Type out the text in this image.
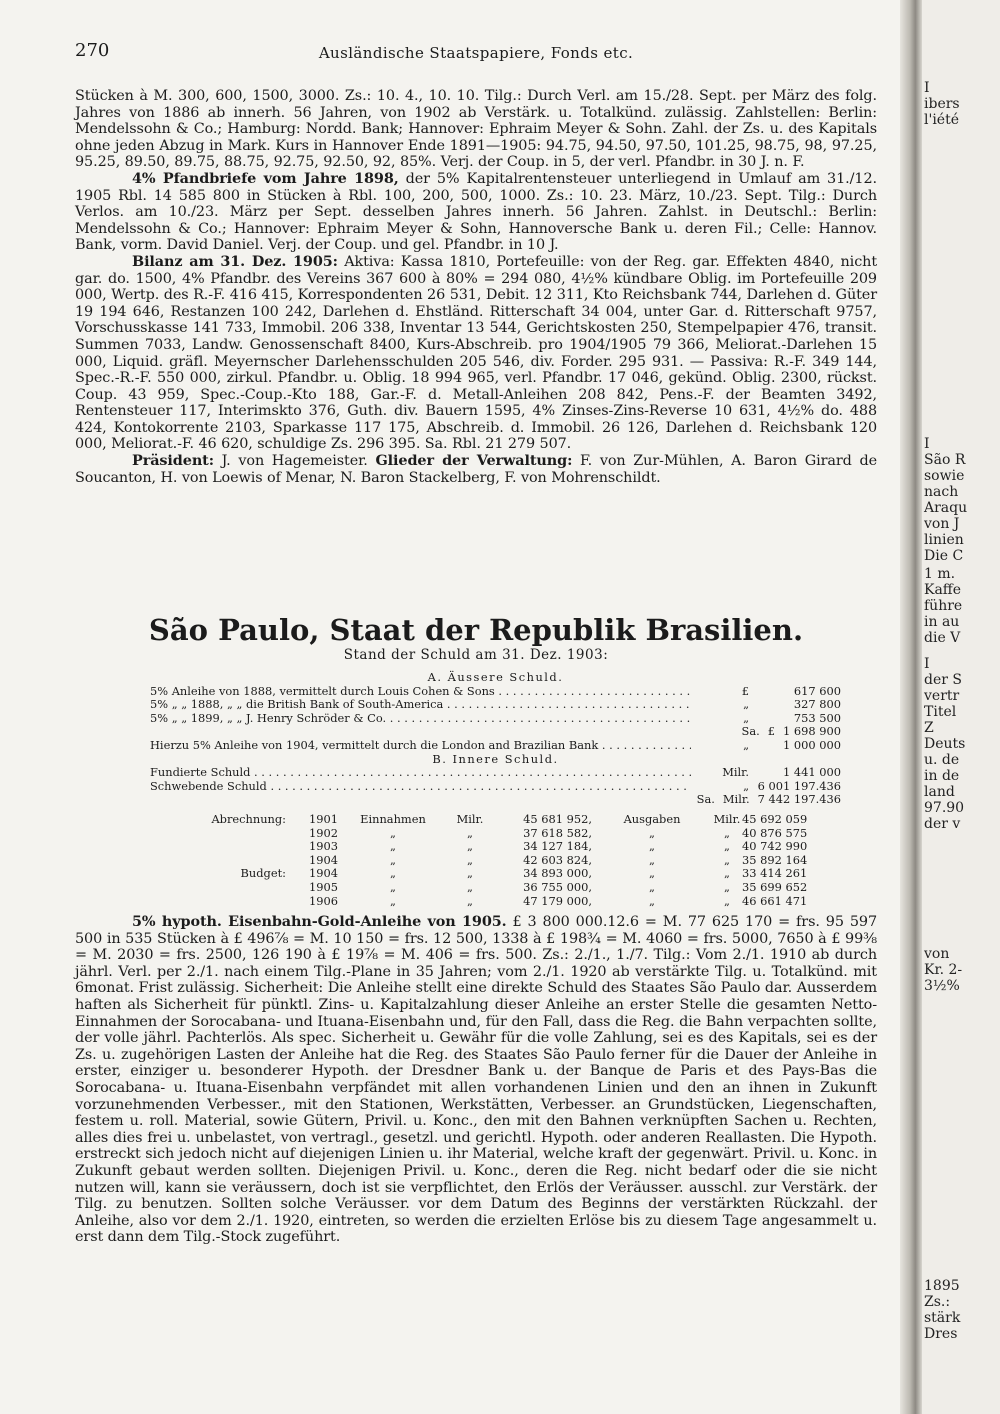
270	Ausländische Staatspapiere, Fonds etc.

Stücken à M. 300, 600, 1500, 3000. Zs.: 10. 4., 10. 10. Tilg.: Durch Verl. am 15./28. Sept. per März des folg. Jahres von 1886 ab innerh. 56 Jahren, von 1902 ab Verstärk. u. Totalkünd. zulässig. Zahlstellen: Berlin: Mendelssohn & Co.; Hamburg: Nordd. Bank; Hannover: Ephraim Meyer & Sohn. Zahl. der Zs. u. des Kapitals ohne jeden Abzug in Mark. Kurs in Hannover Ende 1891—1905: 94.75, 94.50, 97.50, 101.25, 98.75, 98, 97.25, 95.25, 89.50, 89.75, 88.75, 92.75, 92.50, 92, 85%. Verj. der Coup. in 5, der verl. Pfandbr. in 30 J. n. F.

4% Pfandbriefe vom Jahre 1898, der 5% Kapitalrentensteuer unterliegend in Umlauf am 31./12. 1905 Rbl. 14 585 800 in Stücken à Rbl. 100, 200, 500, 1000. Zs.: 10. 23. März, 10./23. Sept. Tilg.: Durch Verlos. am 10./23. März per Sept. desselben Jahres innerh. 56 Jahren. Zahlst. in Deutschl.: Berlin: Mendelssohn & Co.; Hannover: Ephraim Meyer & Sohn, Hannoversche Bank u. deren Fil.; Celle: Hannov. Bank, vorm. David Daniel. Verj. der Coup. und gel. Pfandbr. in 10 J.

Bilanz am 31. Dez. 1905: Aktiva: Kassa 1810, Portefeuille: von der Reg. gar. Effekten 4840, nicht gar. do. 1500, 4% Pfandbr. des Vereins 367 600 à 80% = 294 080, 4½% kündbare Oblig. im Portefeuille 209 000, Wertp. des R.-F. 416 415, Korrespondenten 26 531, Debit. 12 311, Kto Reichsbank 744, Darlehen d. Güter 19 194 646, Restanzen 100 242, Darlehen d. Ehstländ. Ritterschaft 34 004, unter Gar. d. Ritterschaft 9757, Vorschusskasse 141 733, Immobil. 206 338, Inventar 13 544, Gerichtskosten 250, Stempelpapier 476, transit. Summen 7033, Landw. Genossenschaft 8400, Kurs-Abschreib. pro 1904/1905 79 366, Meliorat.-Darlehen 15 000, Liquid. gräfl. Meyernscher Darlehensschulden 205 546, div. Forder. 295 931. — Passiva: R.-F. 349 144, Spec.-R.-F. 550 000, zirkul. Pfandbr. u. Oblig. 18 994 965, verl. Pfandbr. 17 046, gekünd. Oblig. 2300, rückst. Coup. 43 959, Spec.-Coup.-Kto 188, Gar.-F. d. Metall-Anleihen 208 842, Pens.-F. der Beamten 3492, Rentensteuer 117, Interimskto 376, Guth. div. Bauern 1595, 4% Zinses-Zins-Reverse 10 631, 4½% do. 488 424, Kontokorrente 2103, Sparkasse 117 175, Abschreib. d. Immobil. 26 126, Darlehen d. Reichsbank 120 000, Meliorat.-F. 46 620, schuldige Zs. 296 395. Sa. Rbl. 21 279 507.

Präsident: J. von Hagemeister. Glieder der Verwaltung: F. von Zur-Mühlen, A. Baron Girard de Soucanton, H. von Loewis of Menar, N. Baron Stackelberg, F. von Mohrenschildt.

São Paulo, Staat der Republik Brasilien.

Stand der Schuld am 31. Dez. 1903:

A. Äussere Schuld.
5% Anleihe von 1888, vermittelt durch Louis Cohen & Sons . . .	£	617 600
5% „ „ 1888, „ „ die British Bank of South-America . . .	„	327 800
5% „ „ 1899, „ „ J. Henry Schröder & Co. . . .	„	753 500
Sa. £ 1 698 900
Hierzu 5% Anleihe von 1904, vermittelt durch die London and Brazilian Bank . . .	„	1 000 000
B. Innere Schuld.
Fundierte Schuld . . .	Milr.	1 441 000
Schwebende Schuld . . .	„ 6 001 197.436
Sa. Milr. 7 442 197.436
Abrechnung:	1901	Einnahmen	Milr.	45 681 952,	Ausgaben	Milr. 45 692 059
1902	„	„	37 618 582,	„	„	40 876 575
1903	„	„	34 127 184,	„	„	40 742 990
1904	„	„	42 603 824,	„	„	35 892 164
Budget:	1904	„	„	34 893 000,	„	„	33 414 261
1905	„	„	36 755 000,	„	„	35 699 652
1906	„	„	47 179 000,	„	„	46 661 471

5% hypoth. Eisenbahn-Gold-Anleihe von 1905. £ 3 800 000.12.6 = M. 77 625 170 = frs. 95 597 500 in 535 Stücken à £ 496⅞ = M. 10 150 = frs. 12 500, 1338 à £ 198¾ = M. 4060 = frs. 5000, 7650 à £ 99⅜ = M. 2030 = frs. 2500, 126 190 à £ 19⅞ = M. 406 = frs. 500. Zs.: 2./1., 1./7. Tilg.: Vom 2./1. 1910 ab durch jährl. Verl. per 2./1. nach einem Tilg.-Plane in 35 Jahren; vom 2./1. 1920 ab verstärkte Tilg. u. Totalkünd. mit 6monat. Frist zulässig. Sicherheit: Die Anleihe stellt eine direkte Schuld des Staates São Paulo dar. Ausserdem haften als Sicherheit für pünktl. Zins- u. Kapitalzahlung dieser Anleihe an erster Stelle die gesamten Netto-Einnahmen der Sorocabana- und Ituana-Eisenbahn und, für den Fall, dass die Reg. die Bahn verpachten sollte, der volle jährl. Pachterlös. Als spec. Sicherheit u. Gewähr für die volle Zahlung, sei es des Kapitals, sei es der Zs. u. zugehörigen Lasten der Anleihe hat die Reg. des Staates São Paulo ferner für die Dauer der Anleihe in erster, einziger u. besonderer Hypoth. der Dresdner Bank u. der Banque de Paris et des Pays-Bas die Sorocabana- u. Ituana-Eisenbahn verpfändet mit allen vorhandenen Linien und den an ihnen in Zukunft vorzunehmenden Verbesser., mit den Stationen, Werkstätten, Verbesser. an Grundstücken, Liegenschaften, festem u. roll. Material, sowie Gütern, Privil. u. Konc., den mit den Bahnen verknüpften Sachen u. Rechten, alles dies frei u. unbelastet, von vertragl., gesetzl. und gerichtl. Hypoth. oder anderen Reallasten. Die Hypoth. erstreckt sich jedoch nicht auf diejenigen Linien u. ihr Material, welche kraft der gegenwärt. Privil. u. Konc. in Zukunft gebaut werden sollten. Diejenigen Privil. u. Konc., deren die Reg. nicht bedarf oder die sie nicht nutzen will, kann sie veräussern, doch ist sie verpflichtet, den Erlös der Veräusser. ausschl. zur Verstärk. der Tilg. zu benutzen. Sollten solche Veräusser. vor dem Datum des Beginns der verstärkten Rückzahl. der Anleihe, also vor dem 2./1. 1920, eintreten, so werden die erzielten Erlöse bis zu diesem Tage angesammelt u. erst dann dem Tilg.-Stock zugeführt.

I
ibers
l'iété
I
São R
sowie
nach
Araqu
von J
linien
Die C
1 m.
Kaffe
führe
in au
die V
I
der S
vertr
Titel
Z
Deuts
u. de
in de
land
97.90
der v
von
Kr. 2-
3½%
1895
Zs.:
stärk
Dres
